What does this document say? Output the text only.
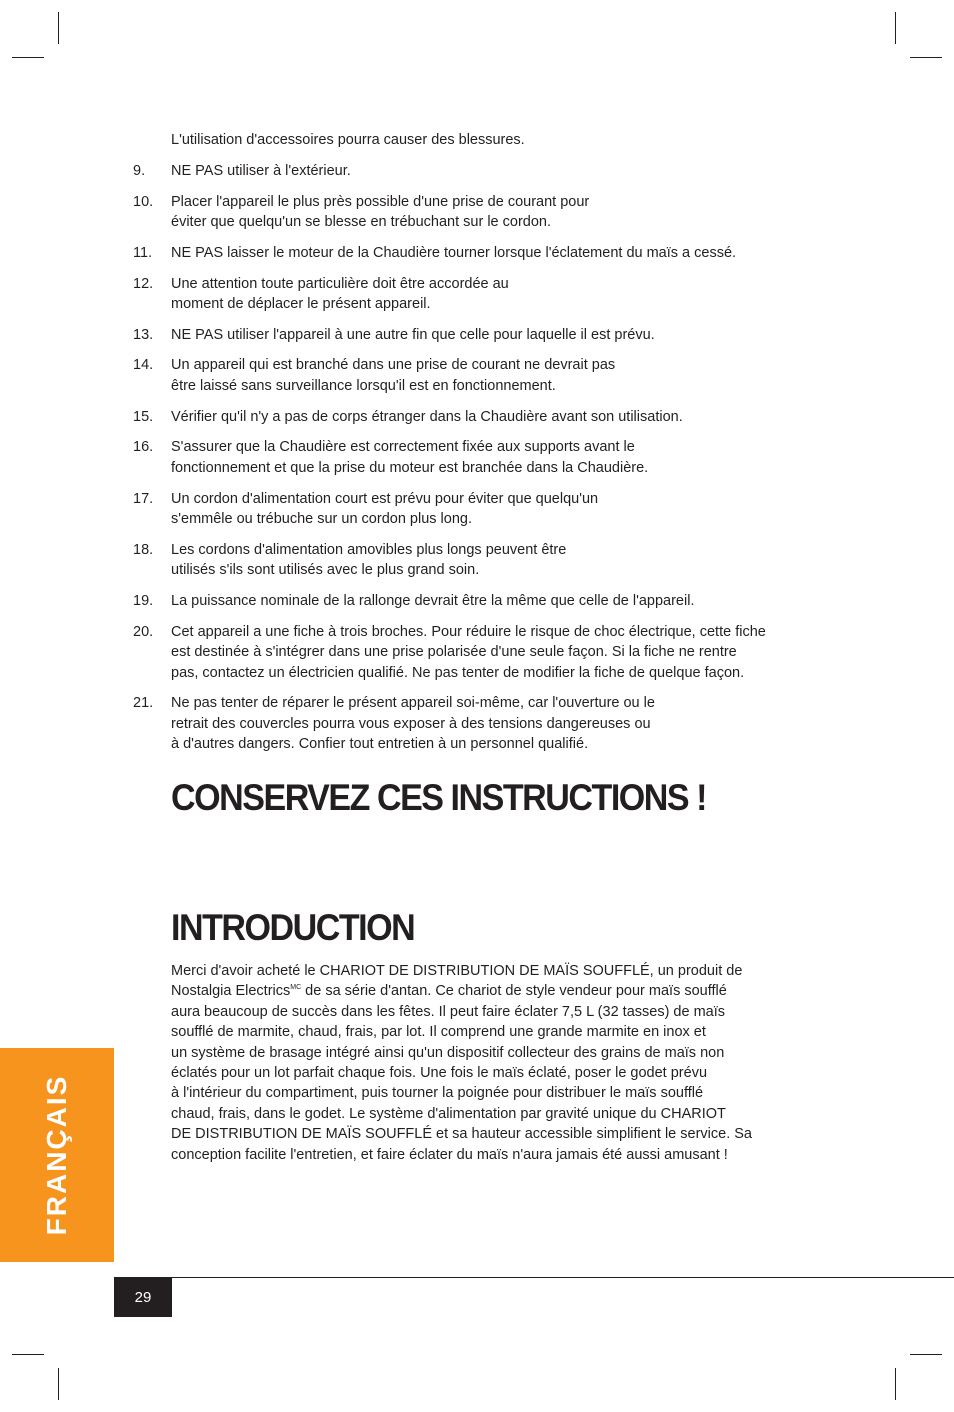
L'utilisation d'accessoires pourra causer des blessures.
9. NE PAS utiliser à l'extérieur.
10. Placer l'appareil le plus près possible d'une prise de courant pour
éviter que quelqu'un se blesse en trébuchant sur le cordon.
11. NE PAS laisser le moteur de la Chaudière tourner lorsque l'éclatement du maïs a cessé.
12. Une attention toute particulière doit être accordée au
moment de déplacer le présent appareil.
13. NE PAS utiliser l'appareil à une autre fin que celle pour laquelle il est prévu.
14. Un appareil qui est branché dans une prise de courant ne devrait pas
être laissé sans surveillance lorsqu'il est en fonctionnement.
15. Vérifier qu'il n'y a pas de corps étranger dans la Chaudière avant son utilisation.
16. S'assurer que la Chaudière est correctement fixée aux supports avant le
fonctionnement et que la prise du moteur est branchée dans la Chaudière.
17. Un cordon d'alimentation court est prévu pour éviter que quelqu'un
s'emmêle ou trébuche sur un cordon plus long.
18. Les cordons d'alimentation amovibles plus longs peuvent être
utilisés s'ils sont utilisés avec le plus grand soin.
19. La puissance nominale de la rallonge devrait être la même que celle de l'appareil.
20. Cet appareil a une fiche à trois broches. Pour réduire le risque de choc électrique, cette fiche
est destinée à s'intégrer dans une prise polarisée d'une seule façon. Si la fiche ne rentre
pas, contactez un électricien qualifié. Ne pas tenter de modifier la fiche de quelque façon.
21. Ne pas tenter de réparer le présent appareil soi-même, car l'ouverture ou le
retrait des couvercles pourra vous exposer à des tensions dangereuses ou
à d'autres dangers. Confier tout entretien à un personnel qualifié.
CONSERVEZ CES INSTRUCTIONS !
INTRODUCTION
Merci d'avoir acheté le CHARIOT DE DISTRIBUTION DE MAÏS SOUFFLÉ, un produit de
Nostalgia Electrics$^{MC}$ de sa série d'antan. Ce chariot de style vendeur pour maïs soufflé
aura beaucoup de succès dans les fêtes. Il peut faire éclater 7,5 L (32 tasses) de maïs
soufflé de marmite, chaud, frais, par lot. Il comprend une grande marmite en inox et
un système de brasage intégré ainsi qu'un dispositif collecteur des grains de maïs non
éclatés pour un lot parfait chaque fois. Une fois le maïs éclaté, poser le godet prévu
à l'intérieur du compartiment, puis tourner la poignée pour distribuer le maïs soufflé
chaud, frais, dans le godet. Le système d'alimentation par gravité unique du CHARIOT
DE DISTRIBUTION DE MAÏS SOUFFLÉ et sa hauteur accessible simplifient le service. Sa
conception facilite l'entretien, et faire éclater du maïs n'aura jamais été aussi amusant !
FRANÇAIS
29
